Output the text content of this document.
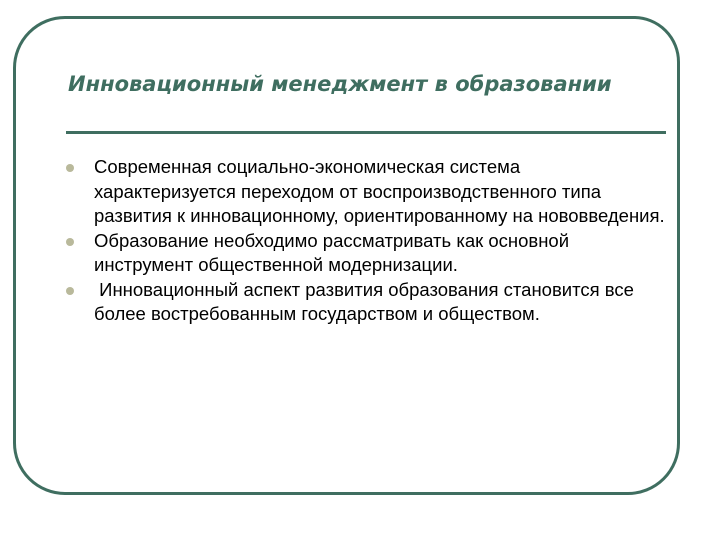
Инновационный менеджмент в образовании
Современная социально-экономическая система характеризуется переходом от воспроизводственного типа развития к инновационному, ориентированному на нововведения.
Образование необходимо рассматривать как основной инструмент общественной модернизации.
Инновационный аспект развития образования становится все более востребованным государством и обществом.
